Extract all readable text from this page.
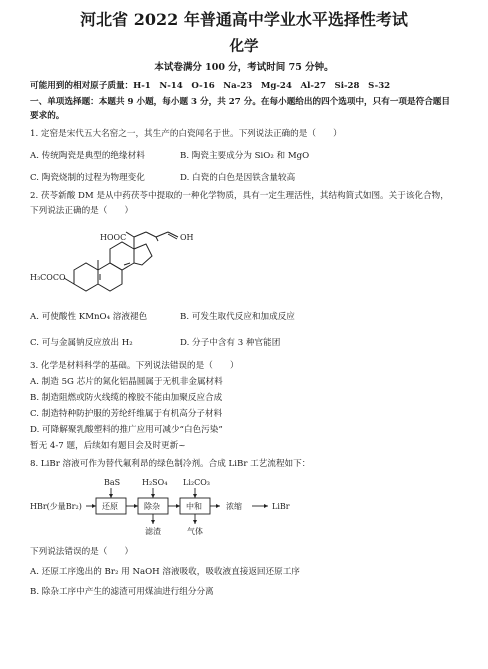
河北省 2022 年普通高中学业水平选择性考试
化学
本试卷满分 100 分，考试时间 75 分钟。
可能用到的相对原子质量：H-1　N-14　O-16　Na-23　Mg-24　Al-27　Si-28　S-32
一、单项选择题：本题共 9 小题，每小题 3 分，共 27 分。在每小题给出的四个选项中，只有一项是符合题目
要求的。
1. 定窑是宋代五大名窑之一，其生产的白瓷闻名于世。下列说法正确的是（　　）
A. 传统陶瓷是典型的绝缘材料	B. 陶瓷主要成分为 SiO₂ 和 MgO
C. 陶瓷烧制的过程为物理变化	D. 白瓷的白色是因铁含量较高
2. 茯苓新酸 DM 是从中药茯苓中提取的一种化学物质，具有一定生理活性，其结构简式如图。关于该化合物，
下列说法正确的是（　　）
HOOC	OH
H₃COCO
A. 可使酸性 KMnO₄ 溶液褪色	B. 可发生取代反应和加成反应
C. 可与金属钠反应放出 H₂	D. 分子中含有 3 种官能团
3. 化学是材料科学的基础。下列说法错误的是（　　）
A. 制造 5G 芯片的氮化铝晶圆属于无机非金属材料
B. 制造阻燃或防火线缆的橡胶不能由加聚反应合成
C. 制造特种防护服的芳纶纤维属于有机高分子材料
D. 可降解聚乳酸塑料的推广应用可减少“白色污染”
暂无 4-7 题，后续如有题目会及时更新~
8. LiBr 溶液可作为替代氟利昂的绿色制冷剂。合成 LiBr 工艺流程如下：
HBr(少量Br₂)
BaS	H₂SO₄ Li₂CO₃
还原	除杂	中和
滤渣	气体
浓缩	LiBr
下列说法错误的是（　　）
A. 还原工序逸出的 Br₂ 用 NaOH 溶液吸收，吸收液直接返回还原工序
B. 除杂工序中产生的滤渣可用煤油进行组分分离
